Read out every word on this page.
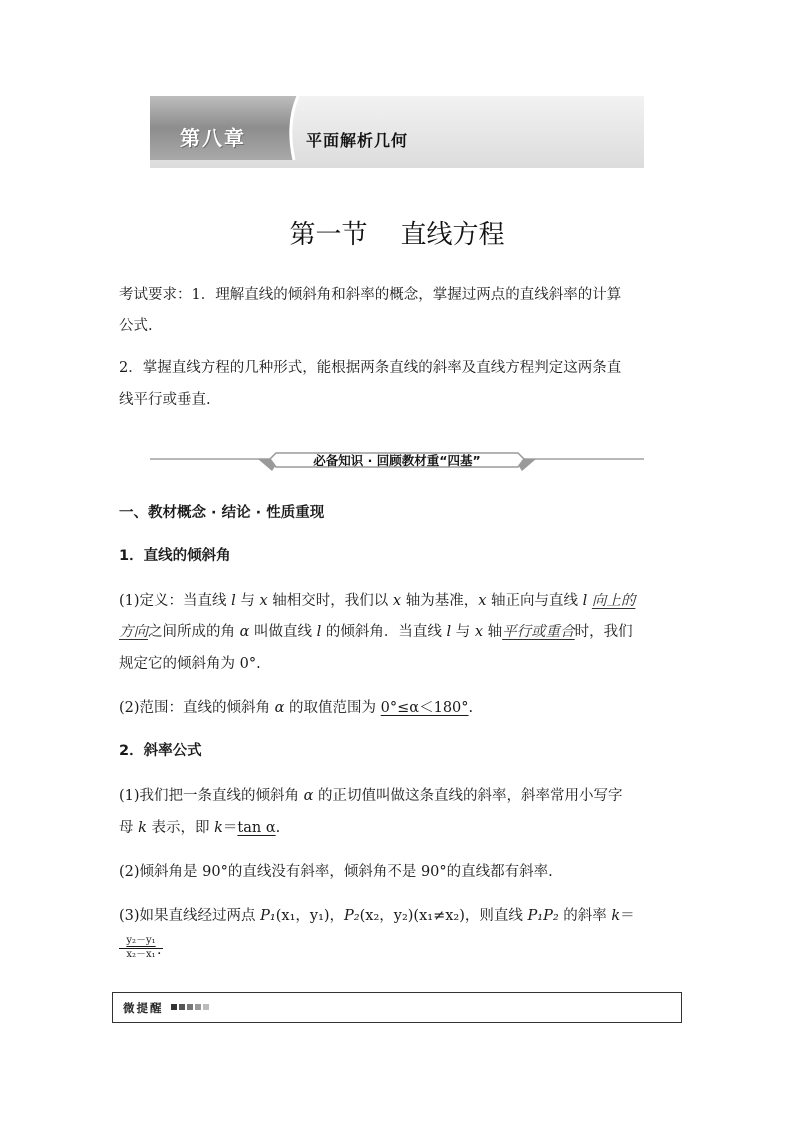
第八章	平面解析几何
第一节    直线方程
考试要求：1．理解直线的倾斜角和斜率的概念，掌握过两点的直线斜率的计算
公式.
2．掌握直线方程的几种形式，能根据两条直线的斜率及直线方程判定这两条直
线平行或垂直.
必备知识 · 回顾教材重“四基”
一、教材概念 · 结论 · 性质重现
1．直线的倾斜角
(1)定义：当直线 l 与 x 轴相交时，我们以 x 轴为基准，x 轴正向与直线 l 向上的
方向之间所成的角 α 叫做直线 l 的倾斜角．当直线 l 与 x 轴平行或重合时，我们
规定它的倾斜角为 0°.
(2)范围：直线的倾斜角 α 的取值范围为 0°≤α＜180°.
2．斜率公式
(1)我们把一条直线的倾斜角 α 的正切值叫做这条直线的斜率，斜率常用小写字
母 k 表示，即 k＝tan α.
(2)倾斜角是 90°的直线没有斜率，倾斜角不是 90°的直线都有斜率.
(3)如果直线经过两点 P₁(x₁，y₁)，P₂(x₂，y₂)(x₁≠x₂)，则直线 P₁P₂ 的斜率 k＝
$\frac{\text{y₂－y₁}}{\text{x₂－x₁}}$
.
微提醒
